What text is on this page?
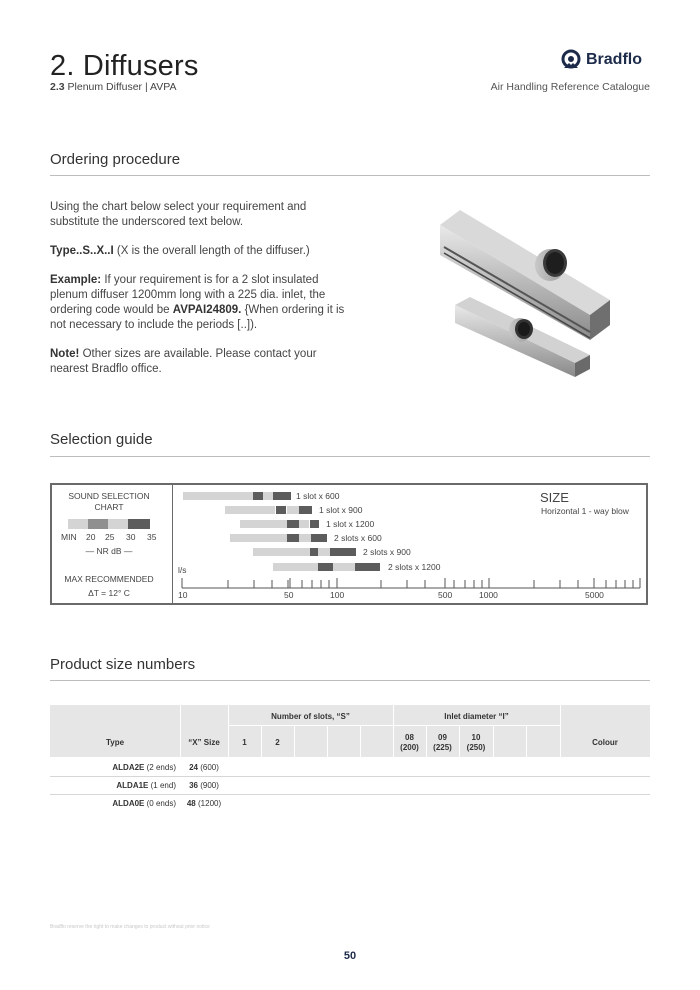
2. Diffusers
2.3 Plenum Diffuser | AVPA
Bradflo
Air Handling Reference Catalogue
Ordering procedure
Using the chart below select your requirement and substitute the underscored text below.
Type..S..X..I (X is the overall length of the diffuser.)
Example: If your requirement is for a 2 slot insulated plenum diffuser 1200mm long with a 225 dia. inlet, the ordering code would be AVPAI24809. {When ordering it is not necessary to include the periods [..]).
Note! Other sizes are available. Please contact your nearest Bradflo office.
Selection guide
SOUND SELECTION
CHART
MIN 20 25 30 35
— NR dB —
MAX RECOMMENDED
ΔT = 12° C
SIZE
Horizontal 1 - way blow
1 slot x 600
1 slot x 900
1 slot x 1200
2 slots x 600
2 slots x 900
2 slots x 1200
l/s
10	50	100	500	1000	5000
Product size numbers
Type	“X” Size
Number of slots, “S”
1	2
Inlet diameter “I”
08
(200)
09
(225)
10
(250)
Colour
ALDA2E (2 ends)	24 (600)
ALDA1E (1 end)	36 (900)
ALDA0E (0 ends)	48 (1200)
Bradflo reserve the right to make changes to product without prior notice
50
